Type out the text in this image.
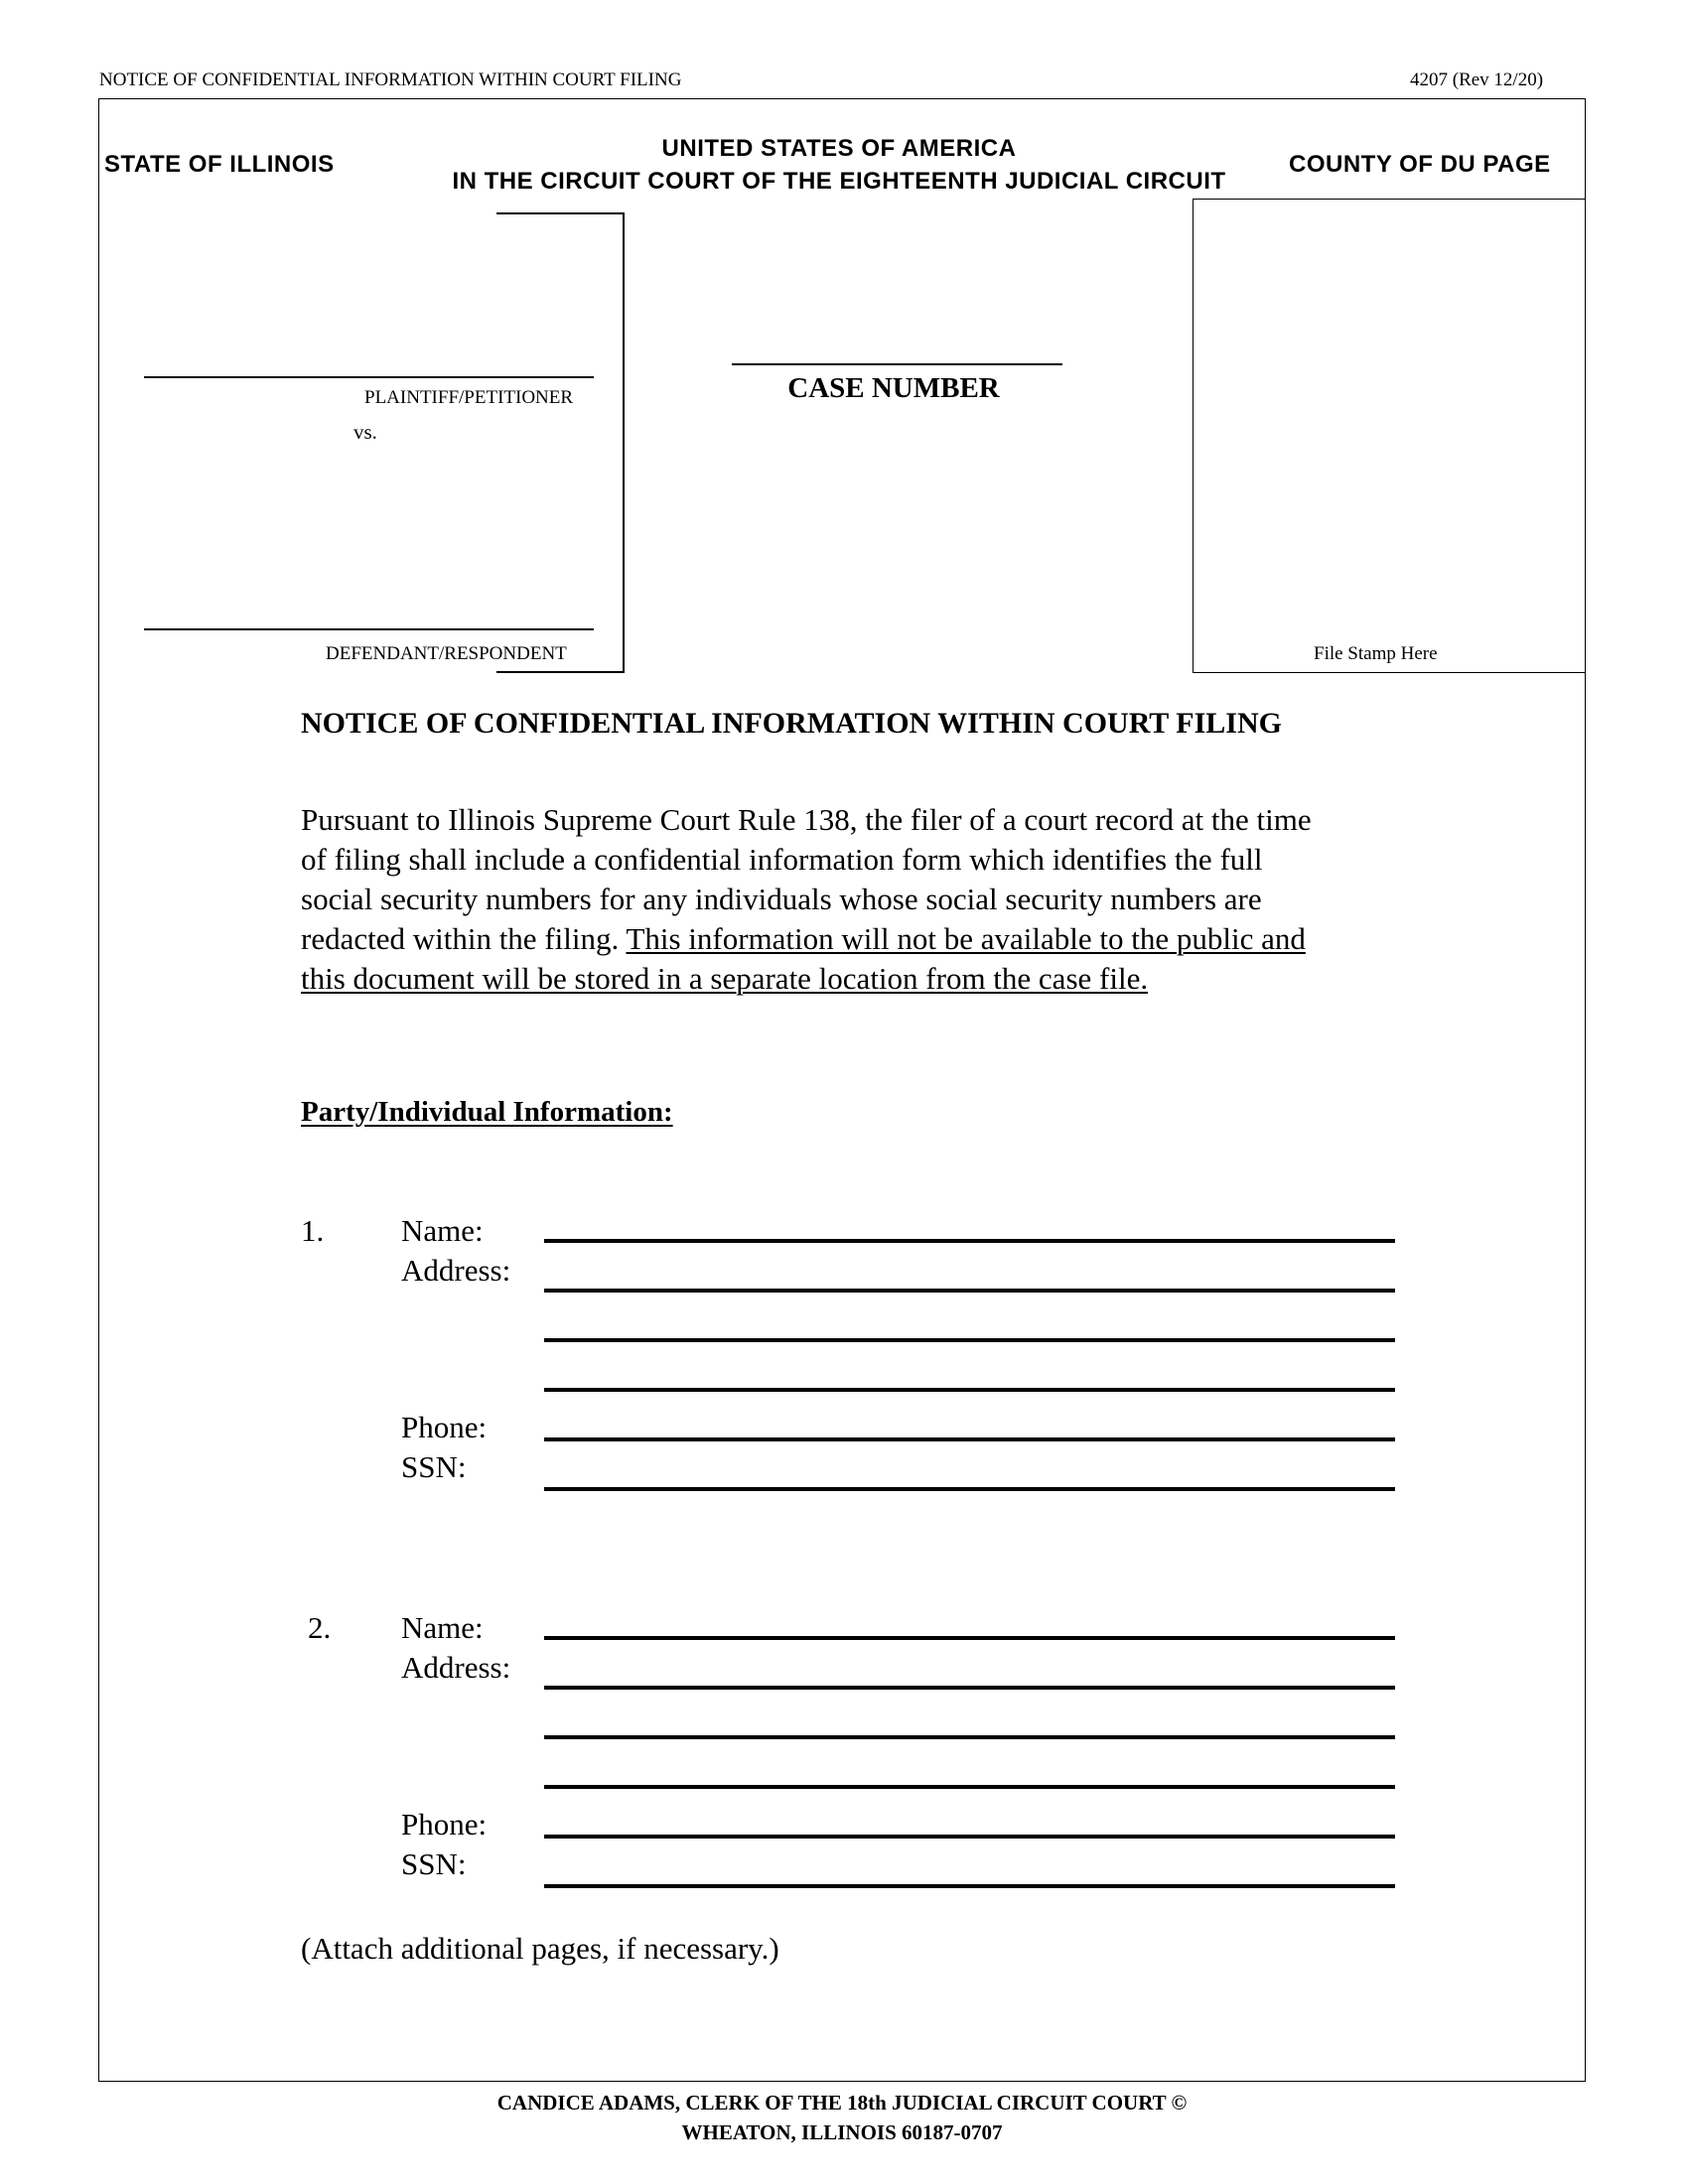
NOTICE OF CONFIDENTIAL INFORMATION WITHIN COURT FILING	4207 (Rev 12/20)
STATE OF ILLINOIS
UNITED STATES OF AMERICA
IN THE CIRCUIT COURT OF THE EIGHTEENTH JUDICIAL CIRCUIT
COUNTY OF DU PAGE
PLAINTIFF/PETITIONER
vs.
DEFENDANT/RESPONDENT
CASE NUMBER
File Stamp Here
NOTICE OF CONFIDENTIAL INFORMATION WITHIN COURT FILING
Pursuant to Illinois Supreme Court Rule 138, the filer of a court record at the time
of filing shall include a confidential information form which identifies the full
social security numbers for any individuals whose social security numbers are
redacted within the filing. This information will not be available to the public and
this document will be stored in a separate location from the case file.
Party/Individual Information:
1.	Name:
Address:
Phone:
SSN:
2. Name:
Address:
Phone:
SSN:
(Attach additional pages, if necessary.)
CANDICE ADAMS, CLERK OF THE 18th JUDICIAL CIRCUIT COURT ©
WHEATON, ILLINOIS 60187-0707
